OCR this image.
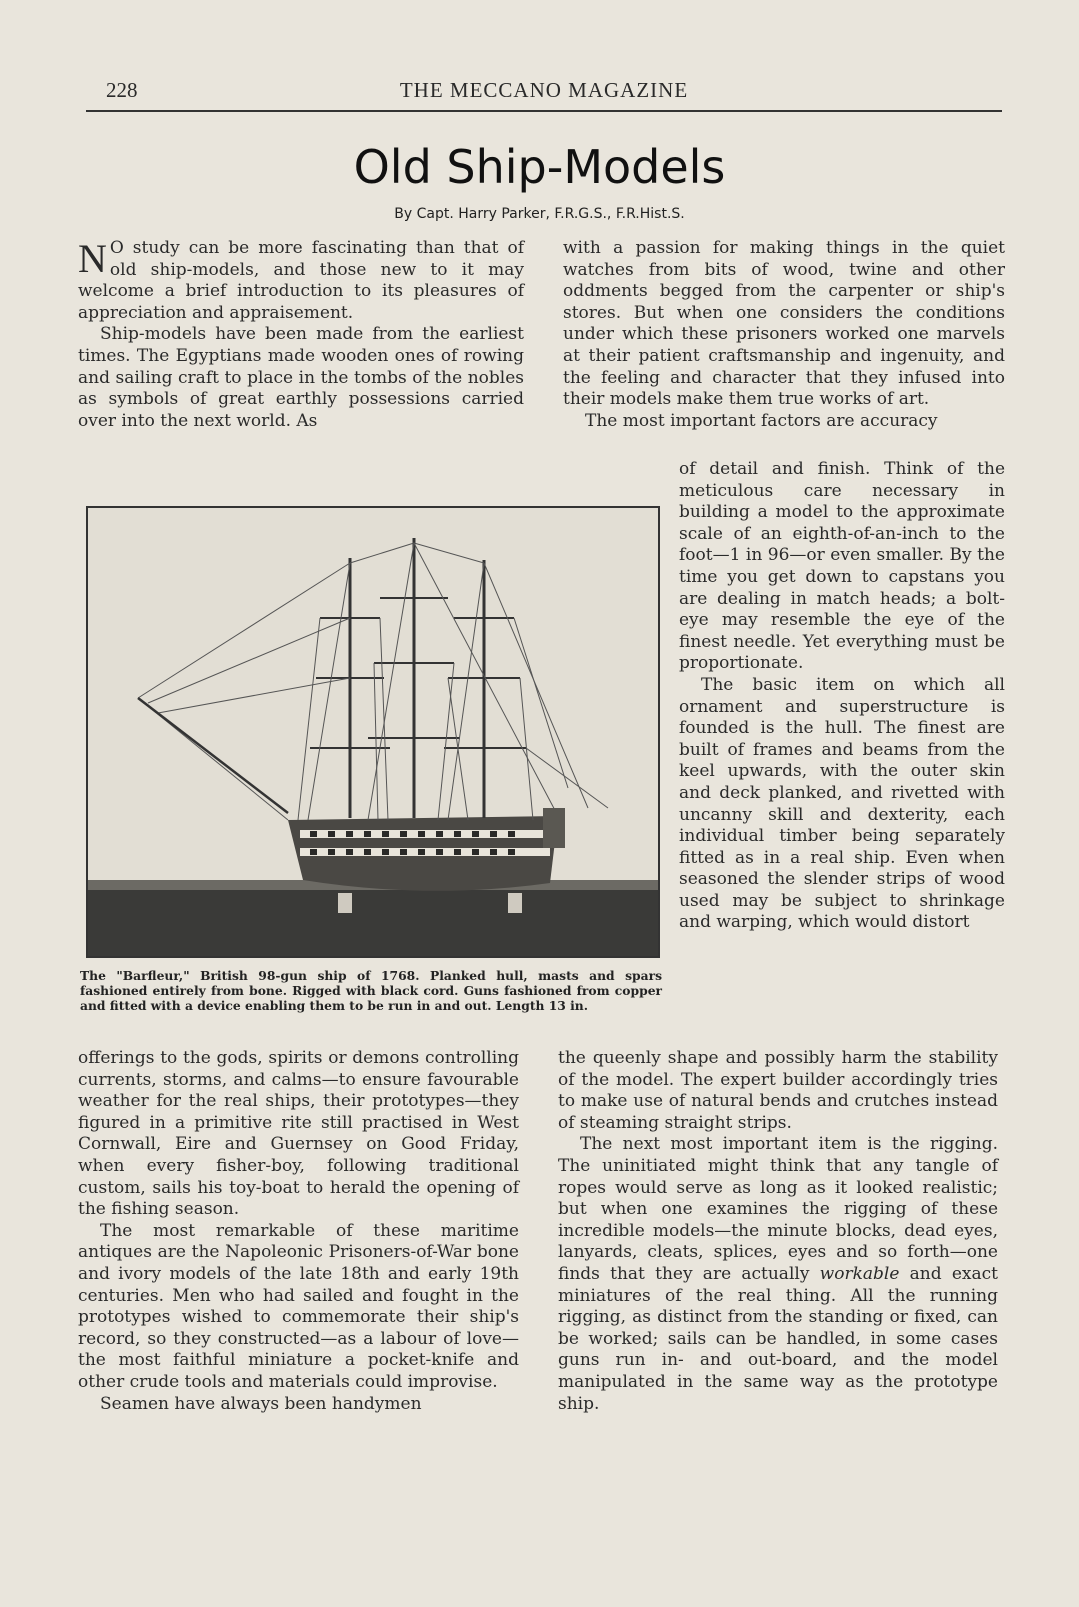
228	THE MECCANO MAGAZINE
Old Ship-Models
By Capt. Harry Parker, F.R.G.S., F.R.Hist.S.

N O study can be more fascinating than that of old ship-models, and those new to it may welcome a brief introduction to its pleasures of appreciation and appraisement.

Ship-models have been made from the earliest times. The Egyptians made wooden ones of rowing and sailing craft to place in the tombs of the nobles as symbols of great earthly possessions carried over into the next world. As

with a passion for making things in the quiet watches from bits of wood, twine and other oddments begged from the carpenter or ship's stores. But when one considers the conditions under which these prisoners worked one marvels at their patient craftsmanship and ingenuity, and the feeling and character that they infused into their models make them true works of art.

The most important factors are accuracy

The "Barfleur," British 98-gun ship of 1768. Planked hull, masts and spars fashioned entirely from bone. Rigged with black cord. Guns fashioned from copper and fitted with a device enabling them to be run in and out. Length 13 in.

of detail and finish. Think of the meticulous care necessary in building a model to the approximate scale of an eighth-of-an-inch to the foot—1 in 96—or even smaller. By the time you get down to capstans you are dealing in match heads; a bolt-eye may resemble the eye of the finest needle. Yet everything must be proportionate.

The basic item on which all ornament and superstructure is founded is the hull. The finest are built of frames and beams from the keel upwards, with the outer skin and deck planked, and rivetted with uncanny skill and dexterity, each individual timber being separately fitted as in a real ship. Even when seasoned the slender strips of wood used may be subject to shrinkage and warping, which would distort

offerings to the gods, spirits or demons controlling currents, storms, and calms—to ensure favourable weather for the real ships, their prototypes—they figured in a primitive rite still practised in West Cornwall, Eire and Guernsey on Good Friday, when every fisher-boy, following traditional custom, sails his toy-boat to herald the opening of the fishing season.

The most remarkable of these maritime antiques are the Napoleonic Prisoners-of-War bone and ivory models of the late 18th and early 19th centuries. Men who had sailed and fought in the prototypes wished to commemorate their ship's record, so they constructed—as a labour of love—the most faithful miniature a pocket-knife and other crude tools and materials could improvise.

Seamen have always been handymen

the queenly shape and possibly harm the stability of the model. The expert builder accordingly tries to make use of natural bends and crutches instead of steaming straight strips.

The next most important item is the rigging. The uninitiated might think that any tangle of ropes would serve as long as it looked realistic; but when one examines the rigging of these incredible models—the minute blocks, dead eyes, lanyards, cleats, splices, eyes and so forth—one finds that they are actually workable and exact miniatures of the real thing. All the running rigging, as distinct from the standing or fixed, can be worked; sails can be handled, in some cases guns run in- and out-board, and the model manipulated in the same way as the prototype ship.
